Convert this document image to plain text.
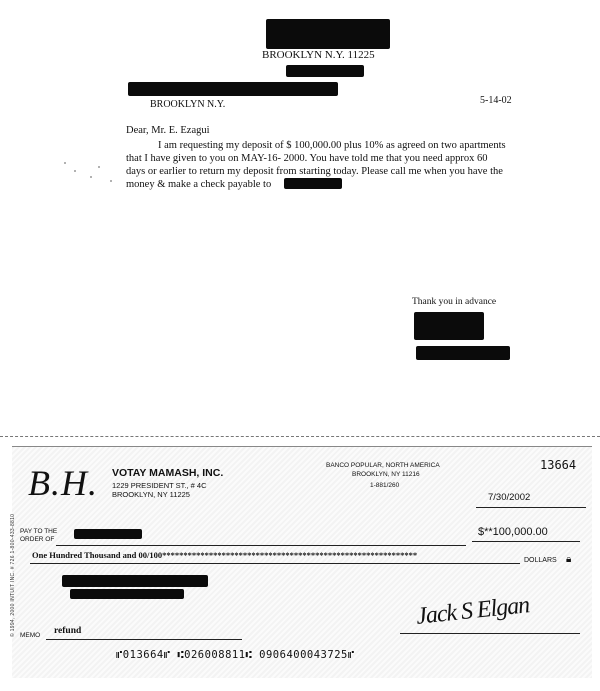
BROOKLYN N.Y. 11225
BROOKLYN N.Y.	5-14-02
Dear, Mr. E. Ezagui
I am requesting my deposit of $ 100,000.00 plus 10% as agreed on two apartments
that I have given to you on MAY-16- 2000. You have told me that you need approx 60
days or earlier to return my deposit from starting today. Please call me when you have the
money & make a check payable to
Thank you in advance
© 1994, 2000 INTUIT INC. # 726 1-800-433-8810
B.H. VOTAY MAMASH, INC.
1229 PRESIDENT ST., # 4C
BROOKLYN, NY 11225
BANCO POPULAR, NORTH AMERICA
BROOKLYN, NY 11216
1-881/260
13664
7/30/2002
PAY TO THE
ORDER OF
$**100,000.00
One Hundred Thousand and 00/100************************************************************
DOLLARS 🔒︎
Jack S Elgan
MEMO refund
⑈013664⑈ ⑆026008811⑆ 0906400043725⑈
